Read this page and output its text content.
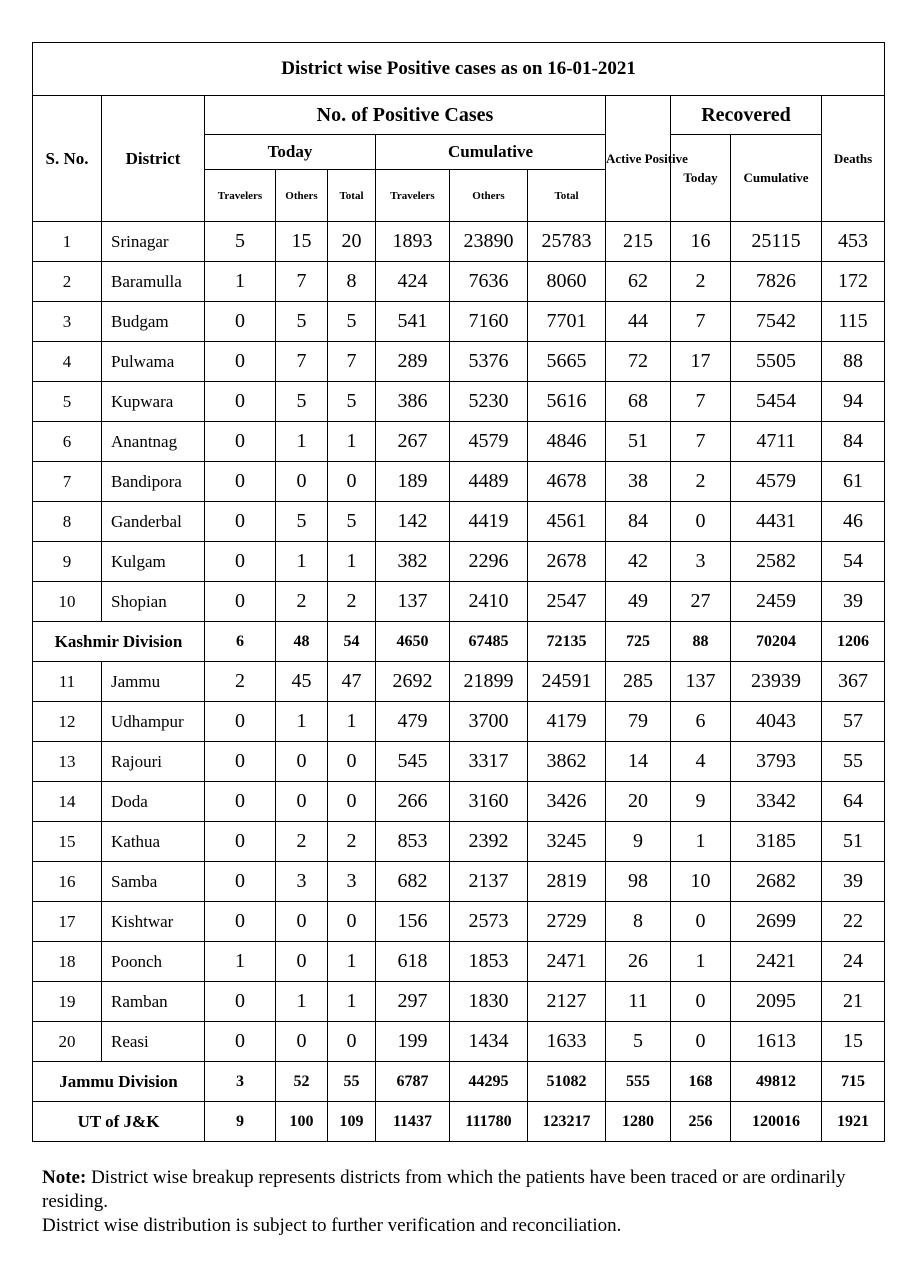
District wise Positive cases as on 16-01-2021											
S. No.	District	No. of Positive Cases						Active Positive	Recovered		Deaths
		Today			Cumulative				Today	Cumulative	
		Travelers	Others	Total	Travelers	Others	Total				
1	Srinagar	5	15	20	1893	23890	25783	215	16	25115	453
2	Baramulla	1	7	8	424	7636	8060	62	2	7826	172
3	Budgam	0	5	5	541	7160	7701	44	7	7542	115
4	Pulwama	0	7	7	289	5376	5665	72	17	5505	88
5	Kupwara	0	5	5	386	5230	5616	68	7	5454	94
6	Anantnag	0	1	1	267	4579	4846	51	7	4711	84
7	Bandipora	0	0	0	189	4489	4678	38	2	4579	61
8	Ganderbal	0	5	5	142	4419	4561	84	0	4431	46
9	Kulgam	0	1	1	382	2296	2678	42	3	2582	54
10	Shopian	0	2	2	137	2410	2547	49	27	2459	39
Kashmir Division		6	48	54	4650	67485	72135	725	88	70204	1206
11	Jammu	2	45	47	2692	21899	24591	285	137	23939	367
12	Udhampur	0	1	1	479	3700	4179	79	6	4043	57
13	Rajouri	0	0	0	545	3317	3862	14	4	3793	55
14	Doda	0	0	0	266	3160	3426	20	9	3342	64
15	Kathua	0	2	2	853	2392	3245	9	1	3185	51
16	Samba	0	3	3	682	2137	2819	98	10	2682	39
17	Kishtwar	0	0	0	156	2573	2729	8	0	2699	22
18	Poonch	1	0	1	618	1853	2471	26	1	2421	24
19	Ramban	0	1	1	297	1830	2127	11	0	2095	21
20	Reasi	0	0	0	199	1434	1633	5	0	1613	15
Jammu Division		3	52	55	6787	44295	51082	555	168	49812	715
UT of J&K		9	100	109	11437	111780	123217	1280	256	120016	1921

Note: District wise breakup represents districts from which the patients have been traced or are ordinarily residing.

District wise distribution is subject to further verification and reconciliation.
